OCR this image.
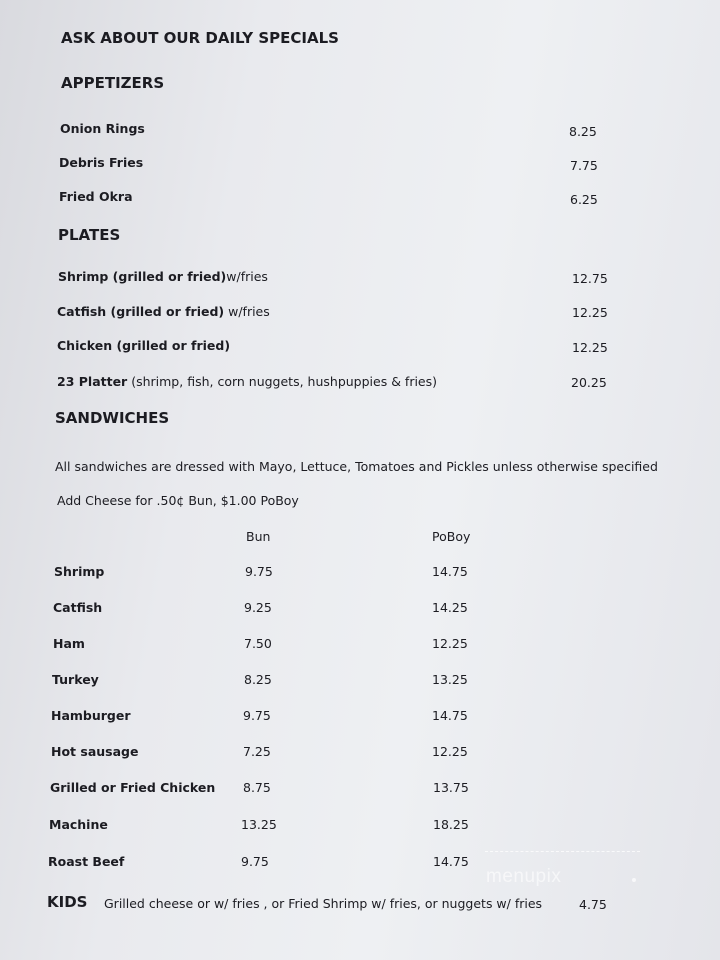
ASK ABOUT OUR DAILY SPECIALS
APPETIZERS
Onion Rings	8.25
Debris Fries	7.75
Fried Okra	6.25
PLATES
Shrimp (grilled or fried)w/fries	12.75
Catfish (grilled or fried) w/fries	12.25
Chicken (grilled or fried)	12.25
23 Platter (shrimp, fish, corn nuggets, hushpuppies & fries)	20.25
SANDWICHES
All sandwiches are dressed with Mayo, Lettuce, Tomatoes and Pickles unless otherwise specified
Add Cheese for .50¢ Bun, $1.00 PoBoy
Bun	PoBoy
Shrimp	9.75	14.75
Catfish	9.25	14.25
Ham	7.50	12.25
Turkey	8.25	13.25
Hamburger	9.75	14.75
Hot sausage	7.25	12.25
Grilled or Fried Chicken 8.75	13.75
Machine	13.25	18.25
Roast Beef	9.75	14.75
KIDS Grilled cheese or w/ fries , or Fried Shrimp w/ fries, or nuggets w/ fries	4.75
menupix
